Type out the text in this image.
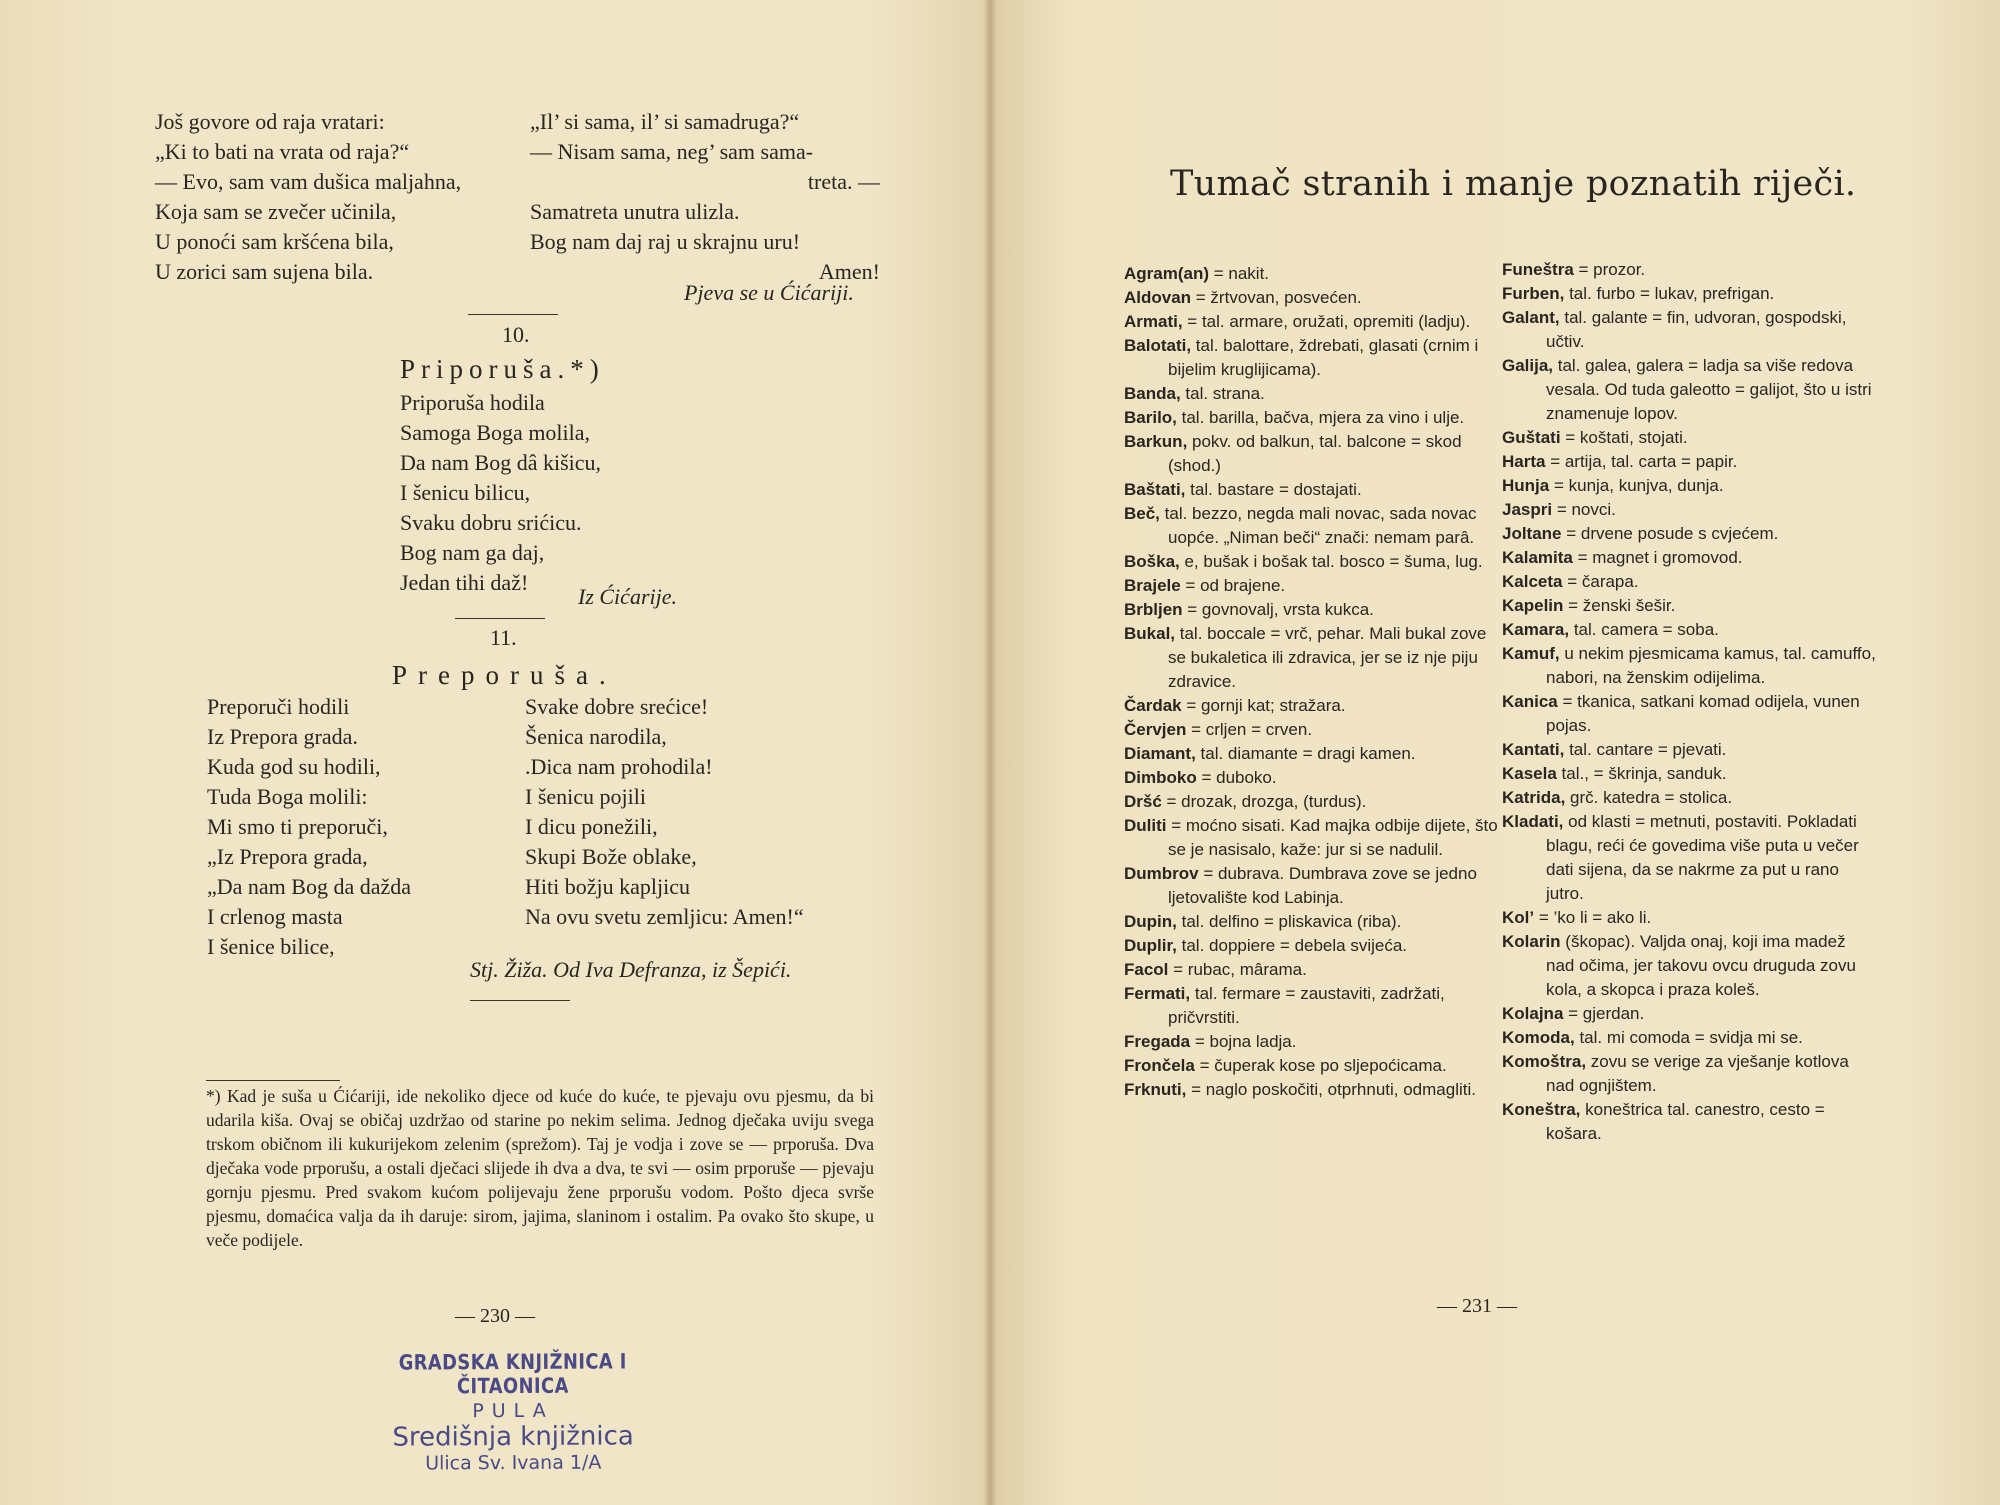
Još govore od raja vratari:
„Ki to bati na vrata od raja?“
— Evo, sam vam dušica maljahna,
Koja sam se zvečer učinila,
U ponoći sam kršćena bila,
U zorici sam sujena bila.
„Il’ si sama, il’ si samadruga?“
— Nisam sama, neg’ sam sama-
treta. —
Samatreta unutra ulizla.
Bog nam daj raj u skrajnu uru!
Amen!
Pjeva se u Ćićariji.
10.
Priporuša.*)
Priporuša hodila
Samoga Boga molila,
Da nam Bog dâ kišicu,
I šenicu bilicu,
Svaku dobru srićicu.
Bog nam ga daj,
Jedan tihi daž!
Iz Ćićarije.
11.
Preporuša.
Preporuči hodili
Iz Prepora grada.
Kuda god su hodili,
Tuda Boga molili:
Mi smo ti preporuči,
„Iz Prepora grada,
„Da nam Bog da dažda
I crlenog masta
I šenice bilice,
Svake dobre srećice!
Šenica narodila,
.Dica nam prohodila!
I šenicu pojili
I dicu ponežili,
Skupi Bože oblake,
Hiti božju kapljicu
Na ovu svetu zemljicu: Amen!“
Stj. Žiža. Od Iva Defranza, iz Šepići.
*) Kad je suša u Ćićariji, ide nekoliko djece od kuće do kuće, te pjevaju ovu pjesmu, da bi udarila kiša. Ovaj se običaj uzdržao od starine po nekim selima. Jednog dječaka uviju svega trskom običnom ili kukurijekom zelenim (sprežom). Taj je vodja i zove se — prporuša. Dva dječaka vode prporušu, a ostali dječaci slijede ih dva a dva, te svi — osim prporuše — pjevaju gornju pjesmu. Pred svakom kućom polijevaju žene prporušu vodom. Pošto djeca svrše pjesmu, domaćica valja da ih daruje: sirom, jajima, slaninom i ostalim. Pa ovako što skupe, u veče podijele.
— 230 —
GRADSKA KNJIŽNICA I ČITAONICA
PULA
Središnja knjižnica
Ulica Sv. Ivana 1/A
Tumač stranih i manje poznatih riječi.
Agram(an) = nakit.
Aldovan = žrtvovan, posvećen.
Armati, = tal. armare, oružati, opremiti (ladju).
Balotati, tal. balottare, ždrebati, glasati (crnim i bijelim kruglijicama).
Banda, tal. strana.
Barilo, tal. barilla, bačva, mjera za vino i ulje.
Barkun, pokv. od balkun, tal. balcone = skod (shod.)
Baštati, tal. bastare = dostajati.
Beč, tal. bezzo, negda mali novac, sada novac uopće. „Niman beči“ znači: nemam parâ.
Boška, e, bušak i bošak tal. bosco = šuma, lug.
Brajele = od brajene.
Brbljen = govnovalj, vrsta kukca.
Bukal, tal. boccale = vrč, pehar. Mali bukal zove se bukaletica ili zdravica, jer se iz nje piju zdravice.
Čardak = gornji kat; stražara.
Červjen = crljen = crven.
Diamant, tal. diamante = dragi kamen.
Dimboko = duboko.
Dršć = drozak, drozga, (turdus).
Duliti = moćno sisati. Kad majka odbije dijete, što se je nasisalo, kaže: jur si se nadulil.
Dumbrov = dubrava. Dumbrava zove se jedno ljetovalište kod Labinja.
Dupin, tal. delfino = pliskavica (riba).
Duplir, tal. doppiere = debela svijeća.
Facol = rubac, mârama.
Fermati, tal. fermare = zaustaviti, zadržati, pričvrstiti.
Fregada = bojna ladja.
Frončela = čuperak kose po sljepoćicama.
Frknuti, = naglo poskočiti, otprhnuti, odmagliti.
Funeštra = prozor.
Furben, tal. furbo = lukav, prefrigan.
Galant, tal. galante = fin, udvoran, gospodski, učtiv.
Galija, tal. galea, galera = ladja sa više redova vesala. Od tuda galeotto = galijot, što u istri znamenuje lopov.
Guštati = koštati, stojati.
Harta = artija, tal. carta = papir.
Hunja = kunja, kunjva, dunja.
Jaspri = novci.
Joltane = drvene posude s cvjećem.
Kalamita = magnet i gromovod.
Kalceta = čarapa.
Kapelin = ženski šešir.
Kamara, tal. camera = soba.
Kamuf, u nekim pjesmicama kamus, tal. camuffo, nabori, na ženskim odijelima.
Kanica = tkanica, satkani komad odijela, vunen pojas.
Kantati, tal. cantare = pjevati.
Kasela tal., = škrinja, sanduk.
Katrida, grč. katedra = stolica.
Kladati, od klasti = metnuti, postaviti. Pokladati blagu, reći će govedima više puta u večer dati sijena, da se nakrme za put u rano jutro.
Kol’ = ’ko li = ako li.
Kolarin (škopac). Valjda onaj, koji ima madež nad očima, jer takovu ovcu druguda zovu kola, a skopca i praza koleš.
Kolajna = gjerdan.
Komoda, tal. mi comoda = svidja mi se.
Komoštra, zovu se verige za vješanje kotlova nad ognjištem.
Koneštra, koneštrica tal. canestro, cesto = košara.
— 231 —
